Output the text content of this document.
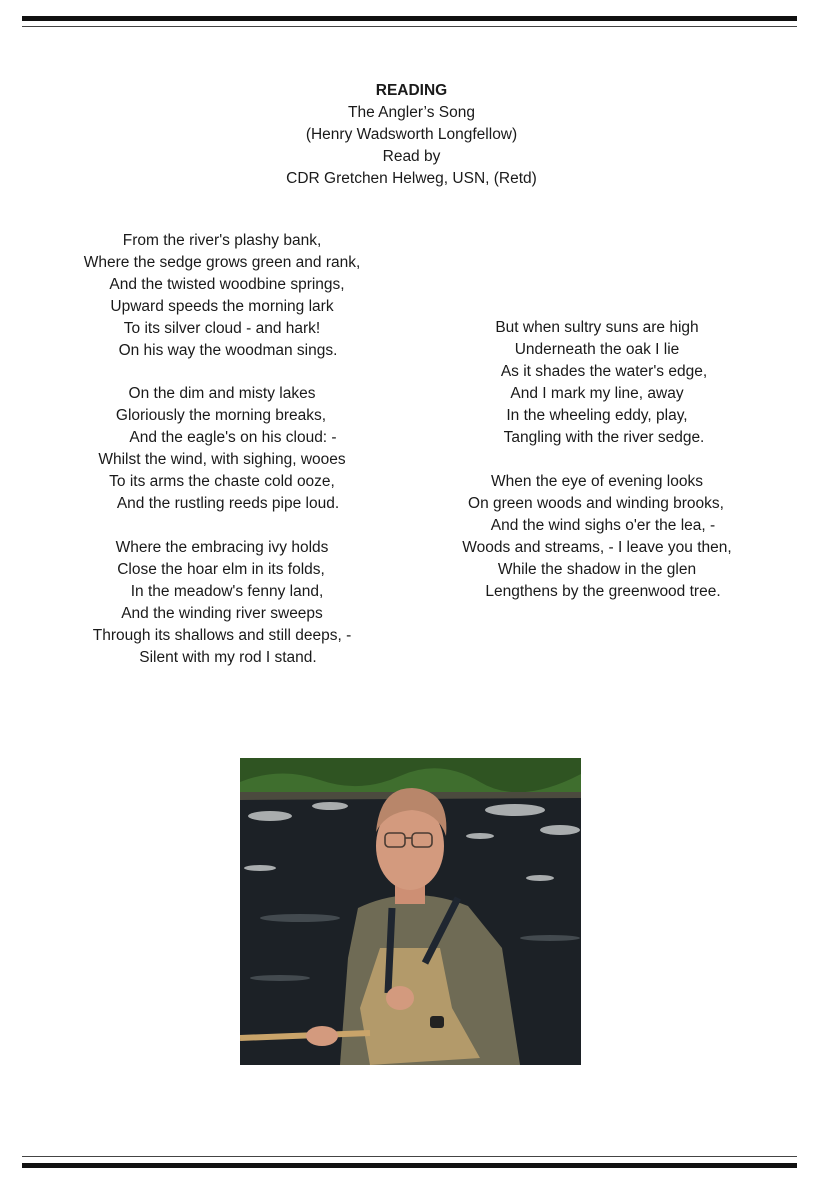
READING
The Angler’s Song
(Henry Wadsworth Longfellow)
Read by
CDR Gretchen Helweg, USN, (Retd)
From the river's plashy bank,
Where the sedge grows green and rank,
And the twisted woodbine springs,
Upward speeds the morning lark
To its silver cloud - and hark!
On his way the woodman sings.
On the dim and misty lakes
Gloriously the morning breaks,
And the eagle's on his cloud: -
Whilst the wind, with sighing, wooes
To its arms the chaste cold ooze,
And the rustling reeds pipe loud.
Where the embracing ivy holds
Close the hoar elm in its folds,
In the meadow's fenny land,
And the winding river sweeps
Through its shallows and still deeps, -
Silent with my rod I stand.
But when sultry suns are high
Underneath the oak I lie
As it shades the water's edge,
And I mark my line, away
In the wheeling eddy, play,
Tangling with the river sedge.
When the eye of evening looks
On green woods and winding brooks,
And the wind sighs o'er the lea, -
Woods and streams, - I leave you then,
While the shadow in the glen
Lengthens by the greenwood tree.
